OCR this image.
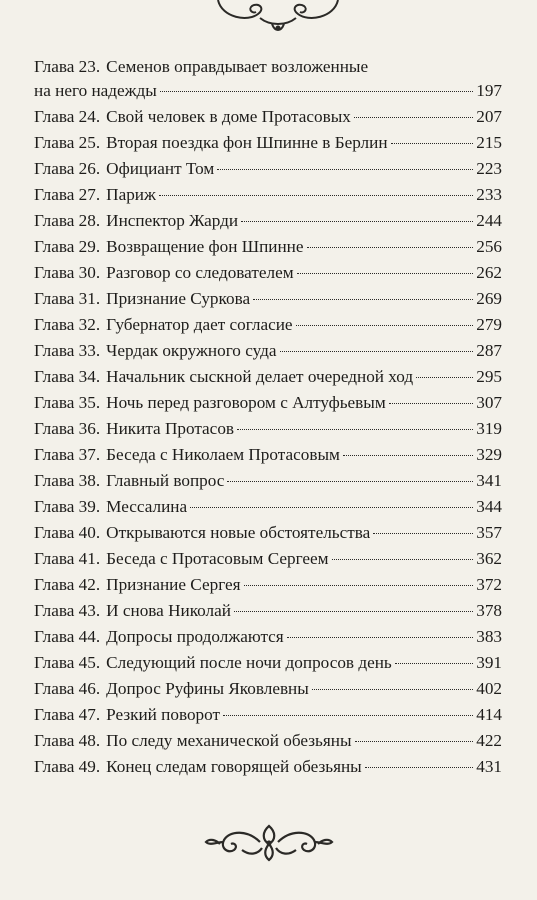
Глава 23. Семенов оправдывает возложенные
на него надежды	197
Глава 24. Свой человек в доме Протасовых	207
Глава 25. Вторая поездка фон Шпинне в Берлин	215
Глава 26. Официант Том	223
Глава 27. Париж	233
Глава 28. Инспектор Жарди	244
Глава 29. Возвращение фон Шпинне	256
Глава 30. Разговор со следователем	262
Глава 31. Признание Суркова	269
Глава 32. Губернатор дает согласие	279
Глава 33. Чердак окружного суда	287
Глава 34. Начальник сыскной делает очередной ход	295
Глава 35. Ночь перед разговором с Алтуфьевым	307
Глава 36. Никита Протасов	319
Глава 37. Беседа с Николаем Протасовым	329
Глава 38. Главный вопрос	341
Глава 39. Мессалина	344
Глава 40. Открываются новые обстоятельства	357
Глава 41. Беседа с Протасовым Сергеем	362
Глава 42. Признание Сергея	372
Глава 43. И снова Николай	378
Глава 44. Допросы продолжаются	383
Глава 45. Следующий после ночи допросов день	391
Глава 46. Допрос Руфины Яковлевны	402
Глава 47. Резкий поворот	414
Глава 48. По следу механической обезьяны	422
Глава 49. Конец следам говорящей обезьяны	431
